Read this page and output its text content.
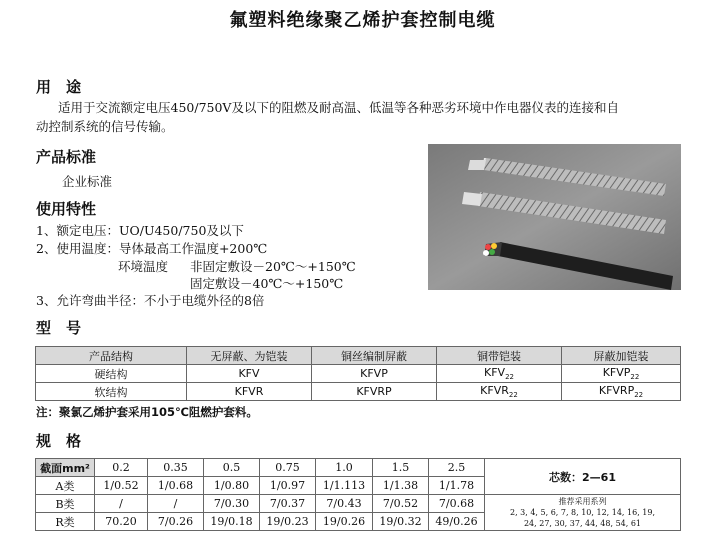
氟塑料绝缘聚乙烯护套控制电缆
用　途
适用于交流额定电压450/750V及以下的阻燃及耐高温、低温等各种恶劣环境中作电器仪表的连接和自
动控制系统的信号传输。
产品标准
企业标准
使用特性
1、额定电压：UO/U450/750及以下
2、使用温度：导体最高工作温度+200℃
环境温度 非固定敷设－20℃～+150℃
固定敷设－40℃～+150℃
3、允许弯曲半径：不小于电缆外径的8倍
型　号
产品结构	无屏蔽、为铠装	铜丝编制屏蔽	铜带铠装	屏蔽加铠装
硬结构	KFV	KFVP	$KFV_{22}$	$KFVP_{22}$
软结构	KFVR	KFVRP	$KFVR_{22}$	$KFVRP_{22}$
注：聚氯乙烯护套采用105℃阻燃护套料。
规　格
截面mm²	0.2	0.35	0.5	0.75	1.0	1.5	2.5	芯数：2—61
A类	1/0.52	1/0.68	1/0.80	1/0.97	1/1.113	1/1.38	1/1.78	
B类	/	/	7/0.30	7/0.37	7/0.43	7/0.52	7/0.68	推荐采用系列
2, 3, 4, 5, 6, 7, 8, 10, 12, 14, 16, 19,
24, 27, 30, 37, 44, 48, 54, 61

R类	70.20	7/0.26	19/0.18	19/0.23	19/0.26	19/0.32	49/0.26	
